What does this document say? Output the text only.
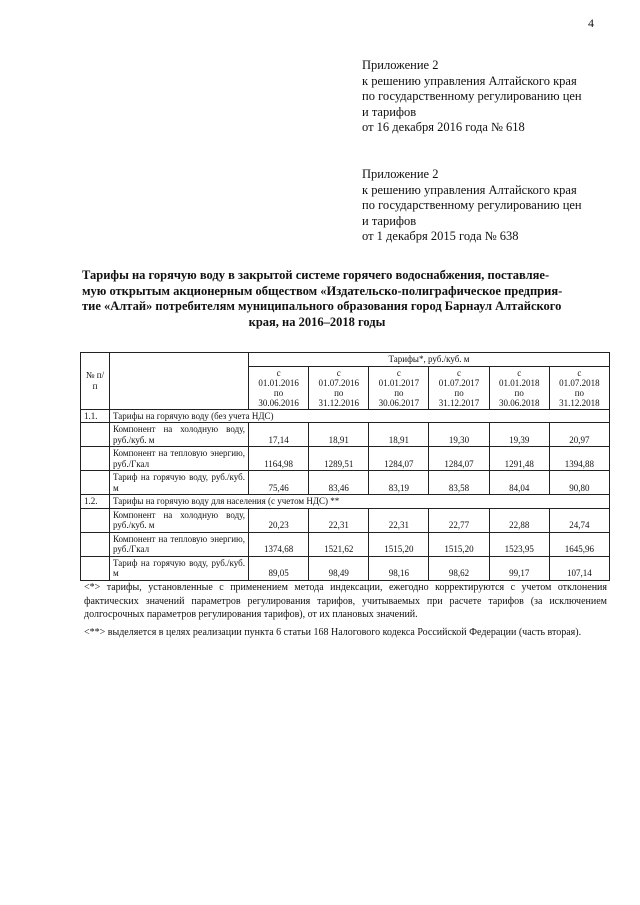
4
Приложение 2
к решению управления Алтайского края
по государственному регулированию цен
и тарифов
от 16 декабря 2016 года № 618
Приложение 2
к решению управления Алтайского края
по государственному регулированию цен
и тарифов
от 1 декабря 2015 года № 638
Тарифы на горячую воду в закрытой системе горячего водоснабжения, поставляе-
мую открытым акционерным обществом «Издательско-полиграфическое предприя-
тие «Алтай» потребителям муниципального образования город Барнаул Алтайского
края, на 2016–2018 годы
№ п/п		Тарифы*, руб./куб. м					

		с
01.01.2016
по
30.06.2016	с
01.07.2016
по
31.12.2016	с
01.01.2017
по
30.06.2017	с
01.07.2017
по
31.12.2017	с
01.01.2018
по
30.06.2018	с
01.07.2018
по
31.12.2018

1.1.	Тарифы на горячую воду (без учета НДС)						
	Компонент на холодную воду, руб./куб. м	17,14	18,91	18,91	19,30	19,39	20,97
	Компонент на тепловую энергию, руб./Гкал	1164,98	1289,51	1284,07	1284,07	1291,48	1394,88
	Тариф на горячую воду, руб./куб. м	75,46	83,46	83,19	83,58	84,04	90,80
1.2.	Тарифы на горячую воду для населения (с учетом НДС) **						
	Компонент на холодную воду, руб./куб. м	20,23	22,31	22,31	22,77	22,88	24,74
	Компонент на тепловую энергию, руб./Гкал	1374,68	1521,62	1515,20	1515,20	1523,95	1645,96
	Тариф на горячую воду, руб./куб. м	89,05	98,49	98,16	98,62	99,17	107,14

<*> тарифы, установленные с применением метода индексации, ежегодно корректируются с учетом отклонения фактических значений параметров регулирования тарифов, учитываемых при расчете тарифов (за исключением долгосрочных параметров регулирования тарифов), от их плановых значений.

<**> выделяется в целях реализации пункта 6 статьи 168 Налогового кодекса Российской Федерации (часть вторая).
